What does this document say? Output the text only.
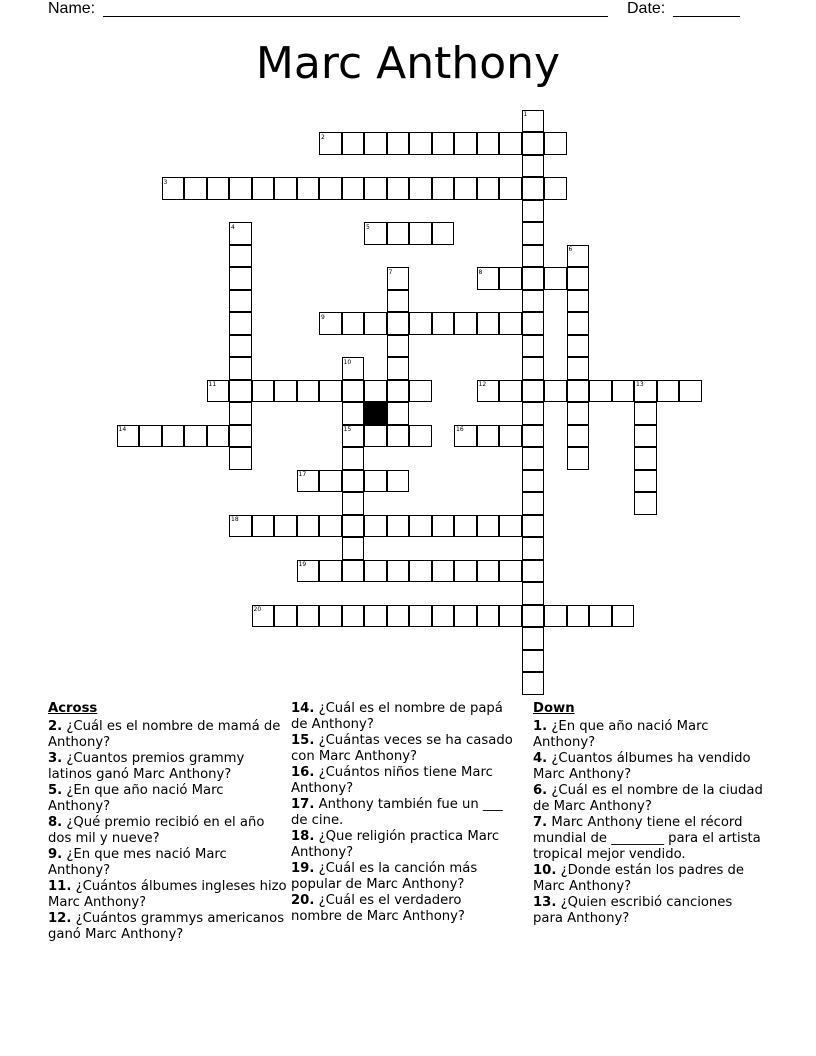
Name:	Date:
Marc Anthony
1
2
3
4	5
6
7	8
9
10
11	12	13
14	15	16
17
18
19
20
Across
2. ¿Cuál es el nombre de mamá de Anthony?
3. ¿Cuantos premios grammy latinos ganó Marc Anthony?
5. ¿En que año nació Marc Anthony?
8. ¿Qué premio recibió en el año dos mil y nueve?
9. ¿En que mes nació Marc Anthony?
11. ¿Cuántos álbumes ingleses hizo Marc Anthony?
12. ¿Cuántos grammys americanos ganó Marc Anthony?
14. ¿Cuál es el nombre de papá de Anthony?
15. ¿Cuántas veces se ha casado con Marc Anthony?
16. ¿Cuántos niños tiene Marc Anthony?
17. Anthony también fue un ___ de cine.
18. ¿Que religión practica Marc Anthony?
19. ¿Cuál es la canción más popular de Marc Anthony?
20. ¿Cuál es el verdadero nombre de Marc Anthony?
Down
1. ¿En que año nació Marc Anthony?
4. ¿Cuantos álbumes ha vendido Marc Anthony?
6. ¿Cuál es el nombre de la ciudad de Marc Anthony?
7. Marc Anthony tiene el récord mundial de ________ para el artista tropical mejor vendido.
10. ¿Donde están los padres de Marc Anthony?
13. ¿Quien escribió canciones para Anthony?
